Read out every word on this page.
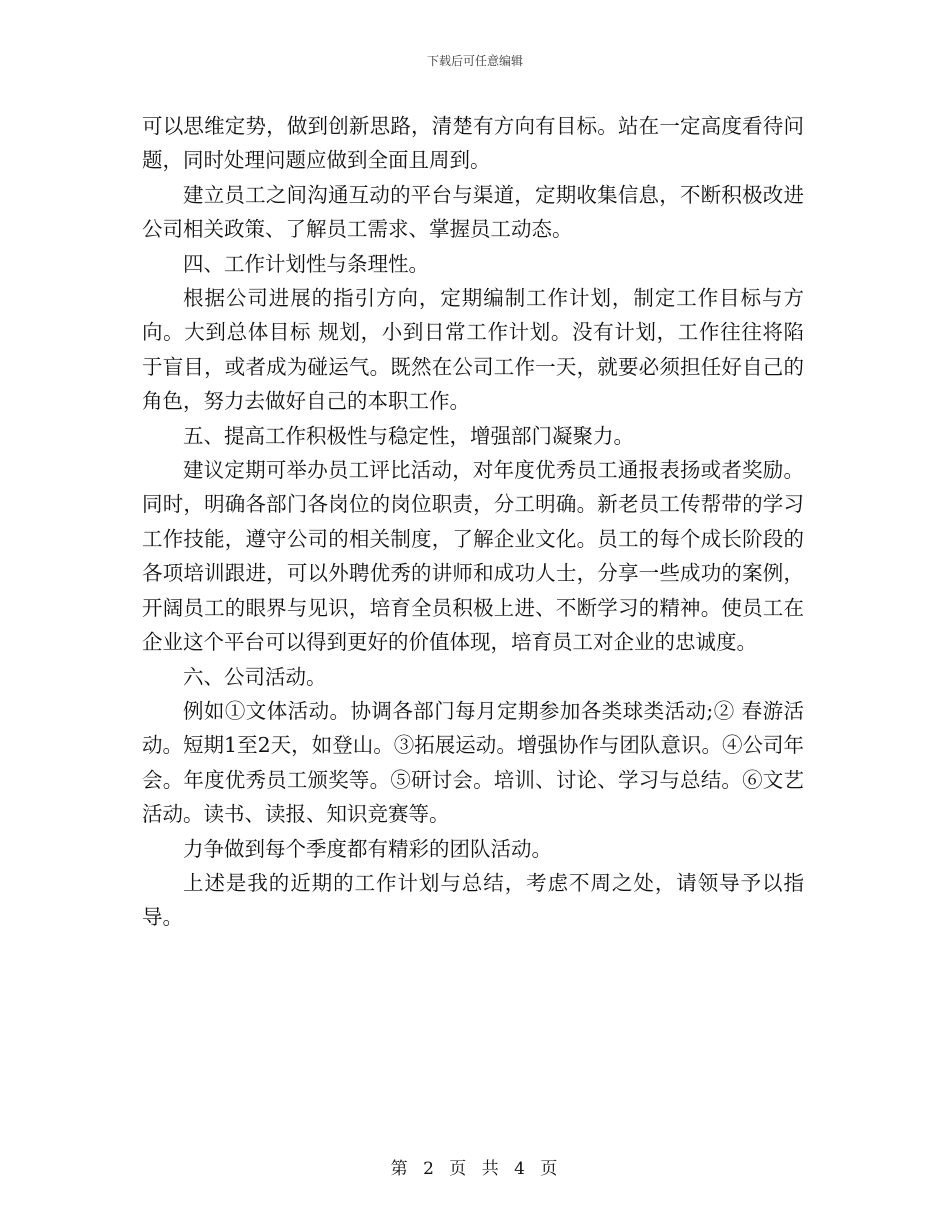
下载后可任意编辑

可以思维定势，做到创新思路，清楚有方向有目标。站在一定高度看待问题，同时处理问题应做到全面且周到。

建立员工之间沟通互动的平台与渠道，定期收集信息，不断积极改进公司相关政策、了解员工需求、掌握员工动态。

四、工作计划性与条理性。

根据公司进展的指引方向，定期编制工作计划，制定工作目标与方向。大到总体目标 规划，小到日常工作计划。没有计划，工作往往将陷于盲目，或者成为碰运气。既然在公司工作一天，就要必须担任好自己的角色，努力去做好自己的本职工作。

五、提高工作积极性与稳定性，增强部门凝聚力。

建议定期可举办员工评比活动，对年度优秀员工通报表扬或者奖励。同时，明确各部门各岗位的岗位职责，分工明确。新老员工传帮带的学习工作技能，遵守公司的相关制度，了解企业文化。员工的每个成长阶段的各项培训跟进，可以外聘优秀的讲师和成功人士，分享一些成功的案例，开阔员工的眼界与见识，培育全员积极上进、不断学习的精神。使员工在企业这个平台可以得到更好的价值体现，培育员工对企业的忠诚度。

六、公司活动。

例如①文体活动。协调各部门每月定期参加各类球类活动;② 春游活动。短期1至2天，如登山。③拓展运动。增强协作与团队意识。④公司年会。年度优秀员工颁奖等。⑤研讨会。培训、讨论、学习与总结。⑥文艺活动。读书、读报、知识竞赛等。

力争做到每个季度都有精彩的团队活动。

上述是我的近期的工作计划与总结，考虑不周之处，请领导予以指导。

第 2 页 共 4 页
